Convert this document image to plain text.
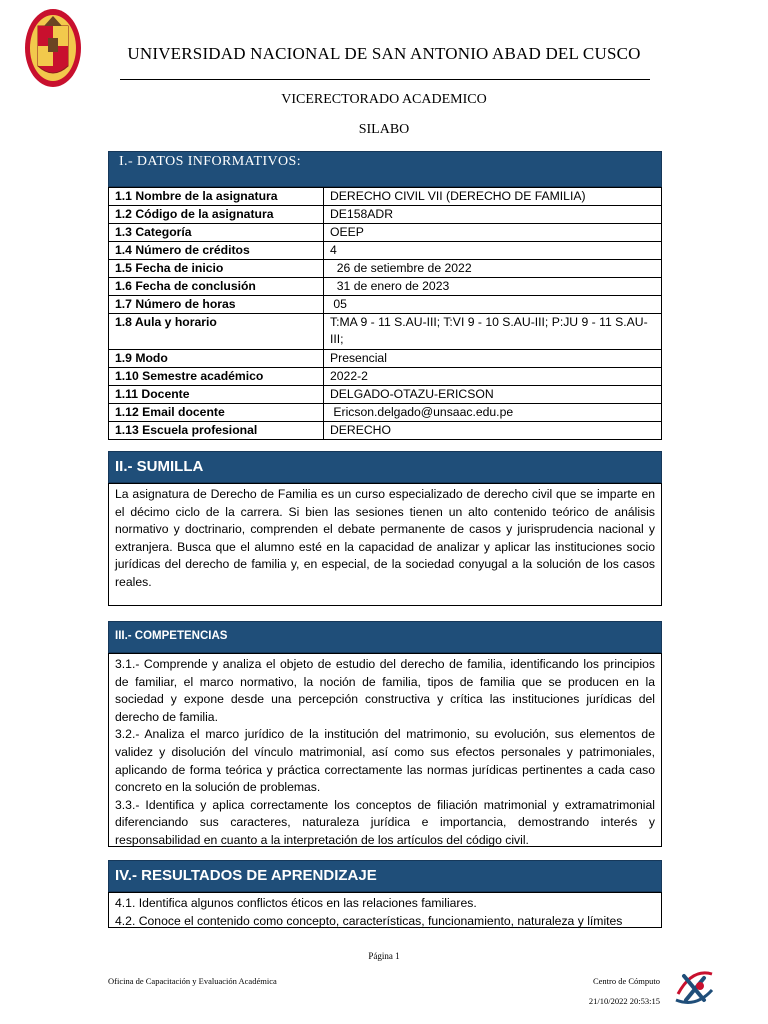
UNIVERSIDAD NACIONAL DE SAN ANTONIO ABAD DEL CUSCO
VICERECTORADO ACADEMICO
SILABO
I.- DATOS INFORMATIVOS:
1.1 Nombre de la asignatura	DERECHO CIVIL VII (DERECHO DE FAMILIA)
1.2 Código de la asignatura	DE158ADR
1.3 Categoría	OEEP
1.4 Número de créditos	4
1.5 Fecha de inicio	26 de setiembre de 2022
1.6 Fecha de conclusión	31 de enero de 2023
1.7 Número de horas	05
1.8 Aula y horario	T:MA 9 - 11 S.AU-III; T:VI 9 - 10 S.AU-III; P:JU 9 - 11 S.AU-III;
1.9 Modo	Presencial
1.10 Semestre académico	2022-2
1.11 Docente	DELGADO-OTAZU-ERICSON
1.12 Email docente	Ericson.delgado@unsaac.edu.pe
1.13 Escuela profesional	DERECHO
II.- SUMILLA
La asignatura de Derecho de Familia es un curso especializado de derecho civil que se imparte en el décimo ciclo de la carrera. Si bien las sesiones tienen un alto contenido teórico de análisis normativo y doctrinario, comprenden el debate permanente de casos y jurisprudencia nacional y extranjera. Busca que el alumno esté en la capacidad de analizar y aplicar las instituciones socio jurídicas del derecho de familia y, en especial, de la sociedad conyugal a la solución de los casos reales.
III.- COMPETENCIAS

3.1.- Comprende y analiza el objeto de estudio del derecho de familia, identificando los principios de familiar, el marco normativo, la noción de familia, tipos de familia que se producen en la sociedad y expone desde una percepción constructiva y crítica las instituciones jurídicas del derecho de familia.

3.2.- Analiza el marco jurídico de la institución del matrimonio, su evolución, sus elementos de validez y disolución del vínculo matrimonial, así como sus efectos personales y patrimoniales, aplicando de forma teórica y práctica correctamente las normas jurídicas pertinentes a cada caso concreto en la solución de problemas.

3.3.- Identifica y aplica correctamente los conceptos de filiación matrimonial y extramatrimonial diferenciando sus caracteres, naturaleza jurídica e importancia, demostrando interés y responsabilidad en cuanto a la interpretación de los artículos del código civil.

IV.- RESULTADOS DE APRENDIZAJE

4.1. Identifica algunos conflictos éticos en las relaciones familiares.

4.2. Conoce el contenido como concepto, características, funcionamiento, naturaleza y límites

Página 1
Oficina de Capacitación y Evaluación Académica	Centro de Cómputo
21/10/2022 20:53:15
